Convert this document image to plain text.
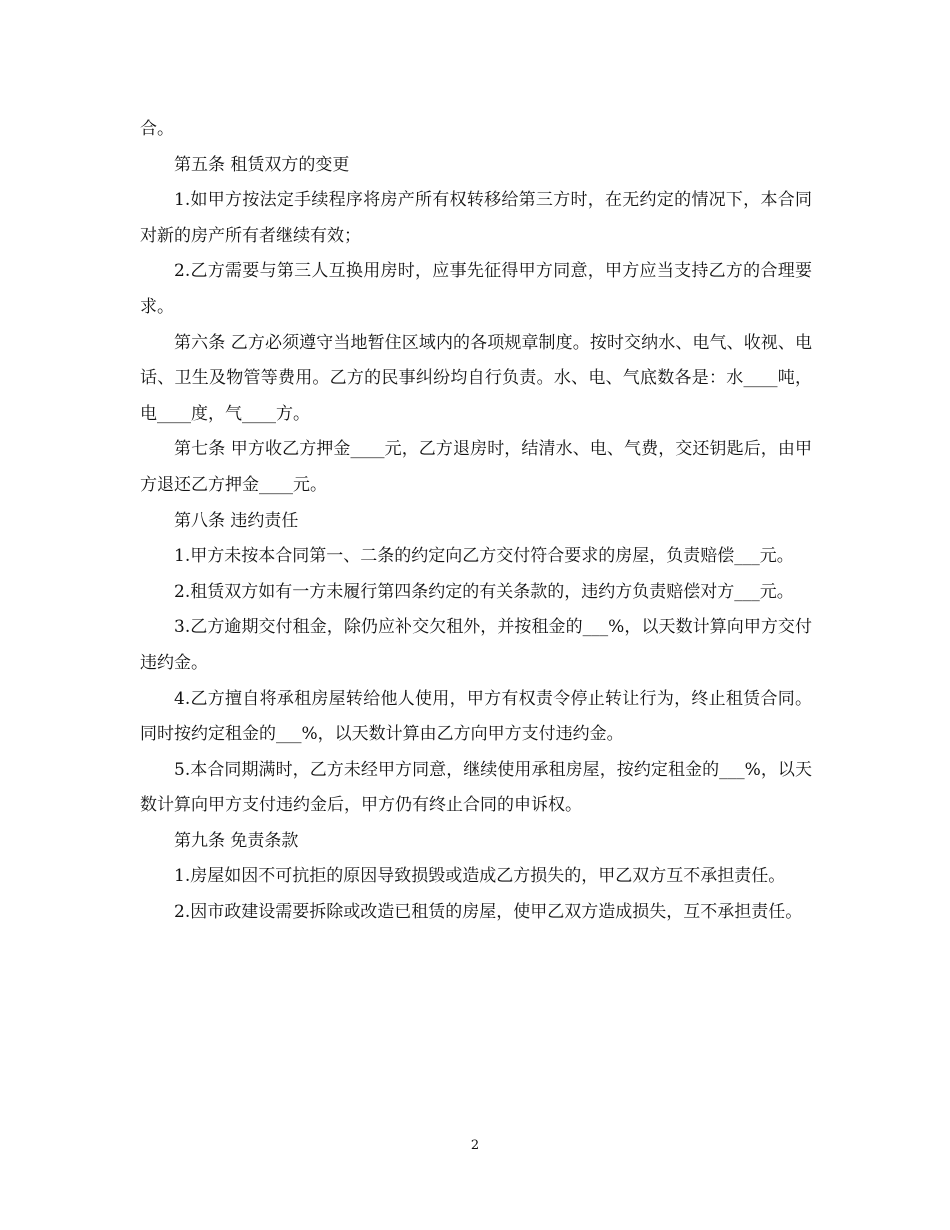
合。

第五条 租赁双方的变更

1.如甲方按法定手续程序将房产所有权转移给第三方时，在无约定的情况下，本合同对新的房产所有者继续有效；

2.乙方需要与第三人互换用房时，应事先征得甲方同意，甲方应当支持乙方的合理要求。

第六条 乙方必须遵守当地暂住区域内的各项规章制度。按时交纳水、电气、收视、电话、卫生及物管等费用。乙方的民事纠纷均自行负责。水、电、气底数各是：水____吨，电____度，气____方。

第七条 甲方收乙方押金____元，乙方退房时，结清水、电、气费，交还钥匙后，由甲方退还乙方押金____元。

第八条 违约责任

1.甲方未按本合同第一、二条的约定向乙方交付符合要求的房屋，负责赔偿___元。

2.租赁双方如有一方未履行第四条约定的有关条款的，违约方负责赔偿对方___元。

3.乙方逾期交付租金，除仍应补交欠租外，并按租金的___%，以天数计算向甲方交付违约金。

4.乙方擅自将承租房屋转给他人使用，甲方有权责令停止转让行为，终止租赁合同。同时按约定租金的___%，以天数计算由乙方向甲方支付违约金。

5.本合同期满时，乙方未经甲方同意，继续使用承租房屋，按约定租金的___%，以天数计算向甲方支付违约金后，甲方仍有终止合同的申诉权。

第九条 免责条款

1.房屋如因不可抗拒的原因导致损毁或造成乙方损失的，甲乙双方互不承担责任。

2.因市政建设需要拆除或改造已租赁的房屋，使甲乙双方造成损失，互不承担责任。

2
